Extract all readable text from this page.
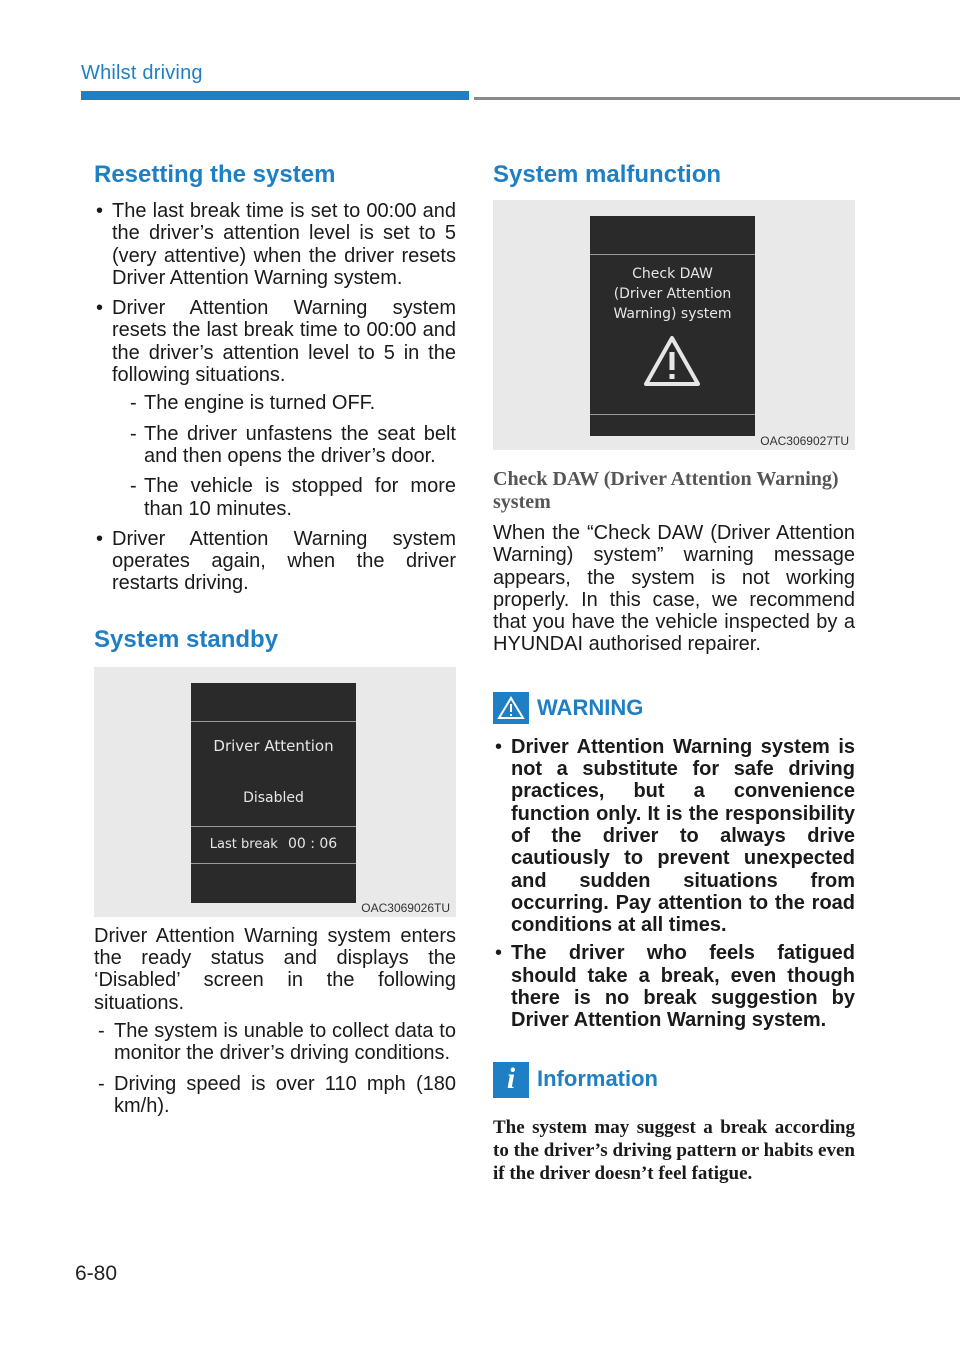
Whilst driving
Resetting the system
• The last break time is set to 00:00 and the driver’s attention level is set to 5 (very attentive) when the driver resets Driver Attention Warning system.
• Driver Attention Warning system resets the last break time to 00:00 and the driver’s attention level to 5 in the following situations.
- The engine is turned OFF.
- The driver unfastens the seat belt and then opens the driver’s door.
- The vehicle is stopped for more than 10 minutes.
• Driver Attention Warning system operates again, when the driver restarts driving.
System standby
Driver Attention
Disabled
Last break 00 : 06
OAC3069026TU

Driver Attention Warning system enters the ready status and displays the ‘Disabled’ screen in the following situations.

- The system is unable to collect data to monitor the driver’s driving conditions.
- Driving speed is over 110 mph (180 km/h).
System malfunction
Check DAW
(Driver Attention
Warning) system
OAC3069027TU
Check DAW (Driver Attention Warning) system

When the “Check DAW (Driver Attention Warning) system” warning message appears, the system is not working properly. In this case, we recommend that you have the vehicle inspected by a HYUNDAI authorised repairer.

WARNING
• Driver Attention Warning system is not a substitute for safe driving practices, but a convenience function only. It is the responsibility of the driver to always drive cautiously to prevent unexpected and sudden situations from occurring. Pay attention to the road conditions at all times.
• The driver who feels fatigued should take a break, even though there is no break suggestion by Driver Attention Warning system.
i Information
The system may suggest a break according to the driver’s driving pattern or habits even if the driver doesn’t feel fatigue.
6-80
